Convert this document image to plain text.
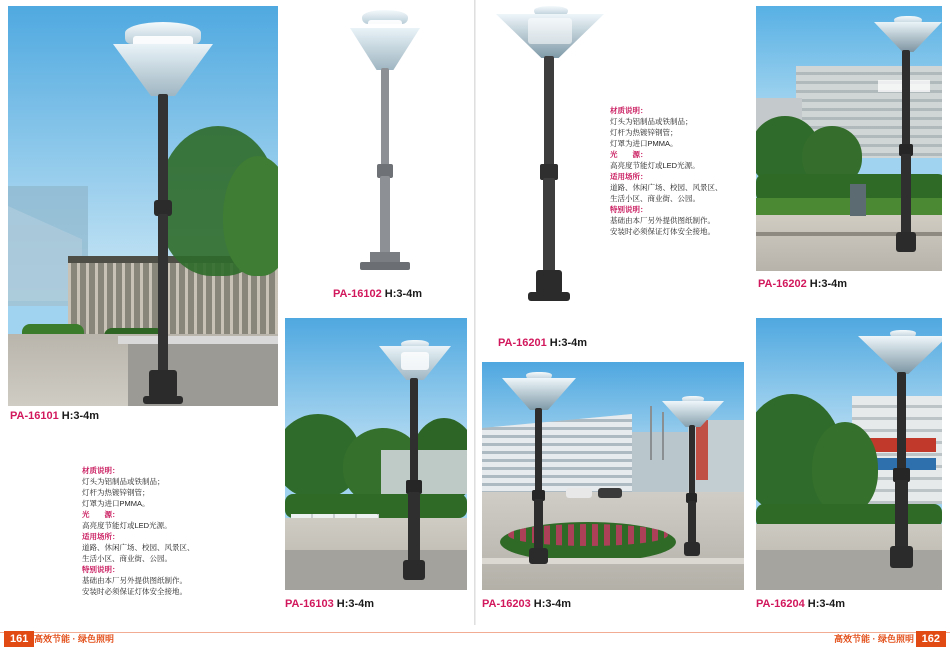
PA-16101 H:3-4m
材质说明：
灯头为铝制品或铁制品；
灯杆为热镀锌钢管；
灯罩为进口PMMA。
光　　源：
高亮度节能灯或LED光源。
适用场所：
道路、休闲广场、校园、风景区、
生活小区、商业街、公园。
特别说明：
基础由本厂另外提供图纸制作。
安装时必须保证灯体安全接地。
PA-16102 H:3-4m
PA-16201 H:3-4m
材质说明：
灯头为铝制品或铁制品；
灯杆为热镀锌钢管；
灯罩为进口PMMA。
光　　源：
高亮度节能灯或LED光源。
适用场所：
道路、休闲广场、校园、风景区、
生活小区、商业街、公园。
特别说明：
基础由本厂另外提供图纸制作。
安装时必须保证灯体安全接地。
PA-16202 H:3-4m
PA-16103 H:3-4m	PA-16203 H:3-4m	PA-16204 H:3-4m
161 高效节能 · 绿色照明	高效节能 · 绿色照明 162
